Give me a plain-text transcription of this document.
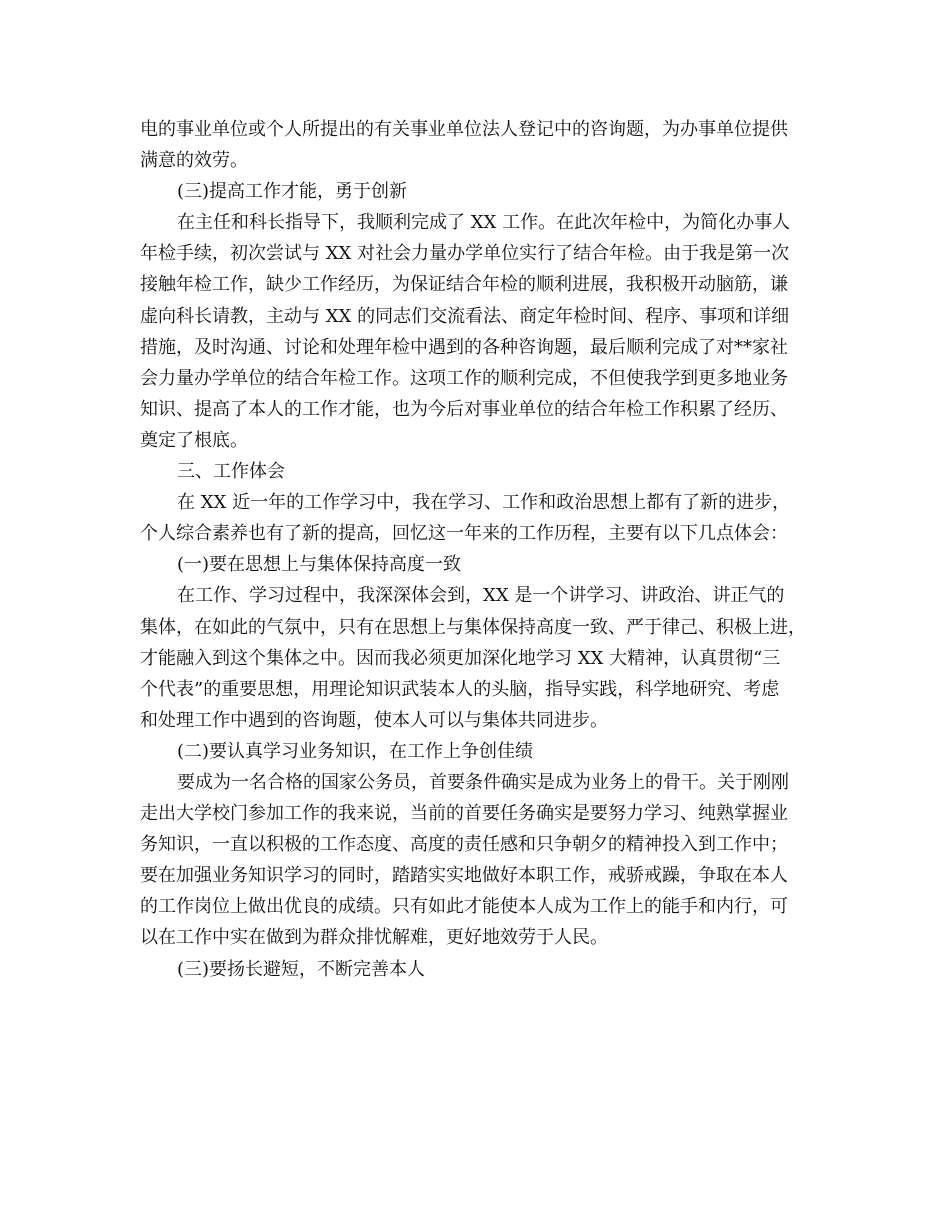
电的事业单位或个人所提出的有关事业单位法人登记中的咨询题，为办事单位提供
满意的效劳。
(三)提高工作才能，勇于创新
在主任和科长指导下，我顺利完成了 XX 工作。在此次年检中，为简化办事人
年检手续，初次尝试与 XX 对社会力量办学单位实行了结合年检。由于我是第一次
接触年检工作，缺少工作经历，为保证结合年检的顺利进展，我积极开动脑筋，谦
虚向科长请教，主动与 XX 的同志们交流看法、商定年检时间、程序、事项和详细
措施，及时沟通、讨论和处理年检中遇到的各种咨询题，最后顺利完成了对**家社
会力量办学单位的结合年检工作。这项工作的顺利完成，不但使我学到更多地业务
知识、提高了本人的工作才能，也为今后对事业单位的结合年检工作积累了经历、
奠定了根底。
三、工作体会
在 XX 近一年的工作学习中，我在学习、工作和政治思想上都有了新的进步，
个人综合素养也有了新的提高，回忆这一年来的工作历程，主要有以下几点体会：
(一)要在思想上与集体保持高度一致
在工作、学习过程中，我深深体会到，XX 是一个讲学习、讲政治、讲正气的
集体，在如此的气氛中，只有在思想上与集体保持高度一致、严于律己、积极上进，
才能融入到这个集体之中。因而我必须更加深化地学习 XX 大精神，认真贯彻“三
个代表”的重要思想，用理论知识武装本人的头脑，指导实践，科学地研究、考虑
和处理工作中遇到的咨询题，使本人可以与集体共同进步。
(二)要认真学习业务知识，在工作上争创佳绩
要成为一名合格的国家公务员，首要条件确实是成为业务上的骨干。关于刚刚
走出大学校门参加工作的我来说，当前的首要任务确实是要努力学习、纯熟掌握业
务知识，一直以积极的工作态度、高度的责任感和只争朝夕的精神投入到工作中；
要在加强业务知识学习的同时，踏踏实实地做好本职工作，戒骄戒躁，争取在本人
的工作岗位上做出优良的成绩。只有如此才能使本人成为工作上的能手和内行，可
以在工作中实在做到为群众排忧解难，更好地效劳于人民。
(三)要扬长避短，不断完善本人
